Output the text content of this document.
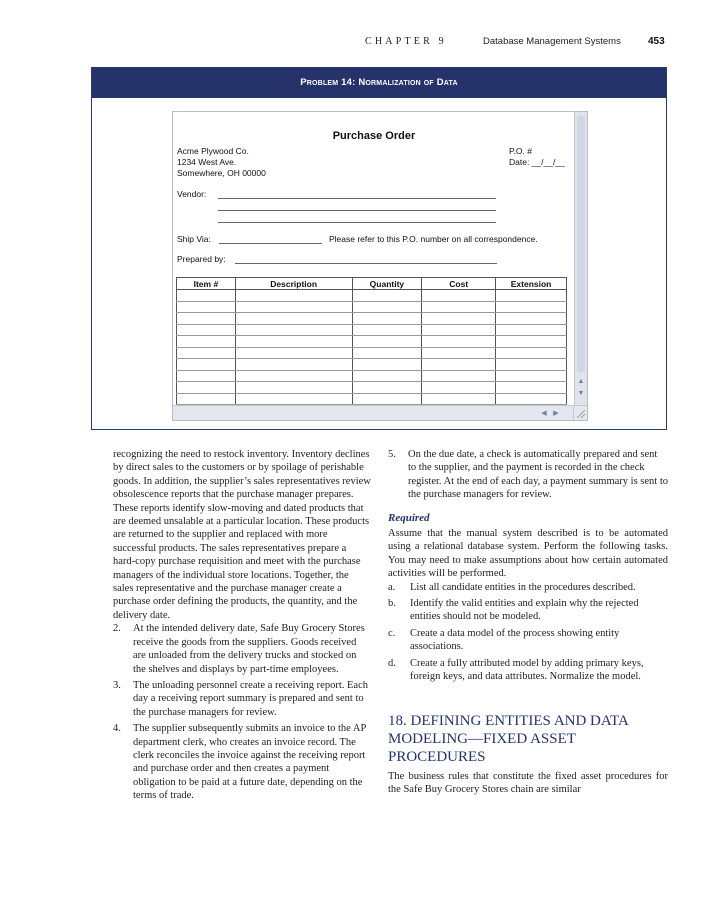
CHAPTER 9	Database Management Systems	453
Problem 14: Normalization of Data
Purchase Order
Acme Plywood Co.
1234 West Ave.
Somewhere, OH 00000
P.O. #
Date: __/__/__
Vendor:
Ship Via:	Please refer to this P.O. number on all correspondence.
Prepared by:
Item #	Description	Quantity	Cost	Extension

▲
▼
◀ ▶

recognizing the need to restock inventory. Inventory declines by direct sales to the customers or by spoilage of perishable goods. In addition, the supplier’s sales representatives review obsolescence reports that the purchase manager prepares. These reports identify slow-moving and dated products that are deemed unsalable at a particular location. These products are returned to the supplier and replaced with more successful products. The sales representatives prepare a hard-copy purchase requisition and meet with the purchase managers of the individual store locations. Together, the sales representative and the purchase manager create a purchase order defining the products, the quantity, and the delivery date.

2. At the intended delivery date, Safe Buy Grocery Stores receive the goods from the suppliers. Goods received are unloaded from the delivery trucks and stocked on the shelves and displays by part-time employees.
3. The unloading personnel create a receiving report. Each day a receiving report summary is prepared and sent to the purchase managers for review.
4. The supplier subsequently submits an invoice to the AP department clerk, who creates an invoice record. The clerk reconciles the invoice against the receiving report and purchase order and then creates a payment obligation to be paid at a future date, depending on the terms of trade.
5. On the due date, a check is automatically prepared and sent to the supplier, and the payment is recorded in the check register. At the end of each day, a payment summary is sent to the purchase managers for review.
Required

Assume that the manual system described is to be automated using a relational database system. Perform the following tasks. You may need to make assumptions about how certain automated activities will be performed.

a. List all candidate entities in the procedures described.
b. Identify the valid entities and explain why the rejected entities should not be modeled.
c. Create a data model of the process showing entity associations.
d. Create a fully attributed model by adding primary keys, foreign keys, and data attributes. Normalize the model.
18. DEFINING ENTITIES AND DATA MODELING—FIXED ASSET PROCEDURES

The business rules that constitute the fixed asset procedures for the Safe Buy Grocery Stores chain are similar
